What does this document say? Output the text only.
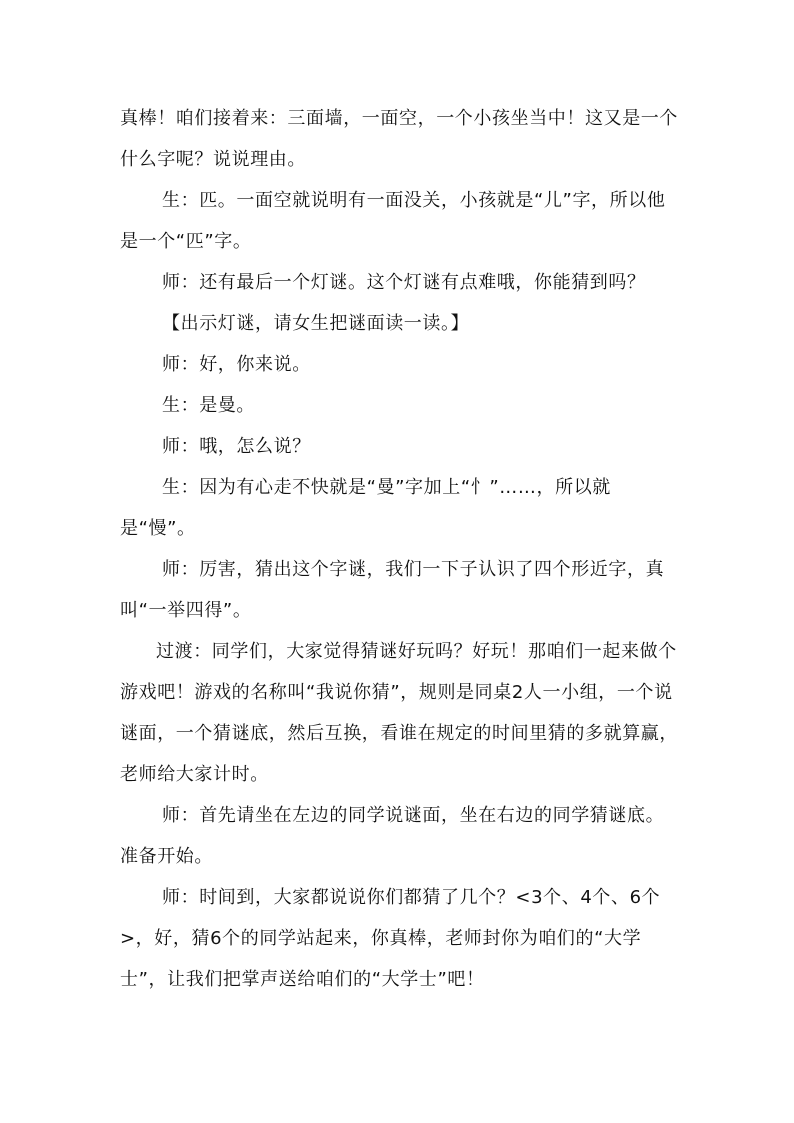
真棒！咱们接着来：三面墙，一面空，一个小孩坐当中！这又是一个什么字呢？说说理由。

生：匹。一面空就说明有一面没关，小孩就是“儿”字，所以他是一个“匹”字。

师：还有最后一个灯谜。这个灯谜有点难哦，你能猜到吗？

【出示灯谜，请女生把谜面读一读。】

师：好，你来说。

生：是曼。

师：哦，怎么说？

生：因为有心走不快就是“曼”字加上“忄”……，所以就是“慢”。

师：厉害，猜出这个字谜，我们一下子认识了四个形近字，真叫“一举四得”。

过渡：同学们，大家觉得猜谜好玩吗？好玩！那咱们一起来做个游戏吧！游戏的名称叫“我说你猜”，规则是同桌2人一小组，一个说谜面，一个猜谜底，然后互换，看谁在规定的时间里猜的多就算赢，老师给大家计时。

师：首先请坐在左边的同学说谜面，坐在右边的同学猜谜底。准备开始。

师：时间到，大家都说说你们都猜了几个？<3个、4个、6个>，好，猜6个的同学站起来，你真棒，老师封你为咱们的“大学士”，让我们把掌声送给咱们的“大学士”吧！
